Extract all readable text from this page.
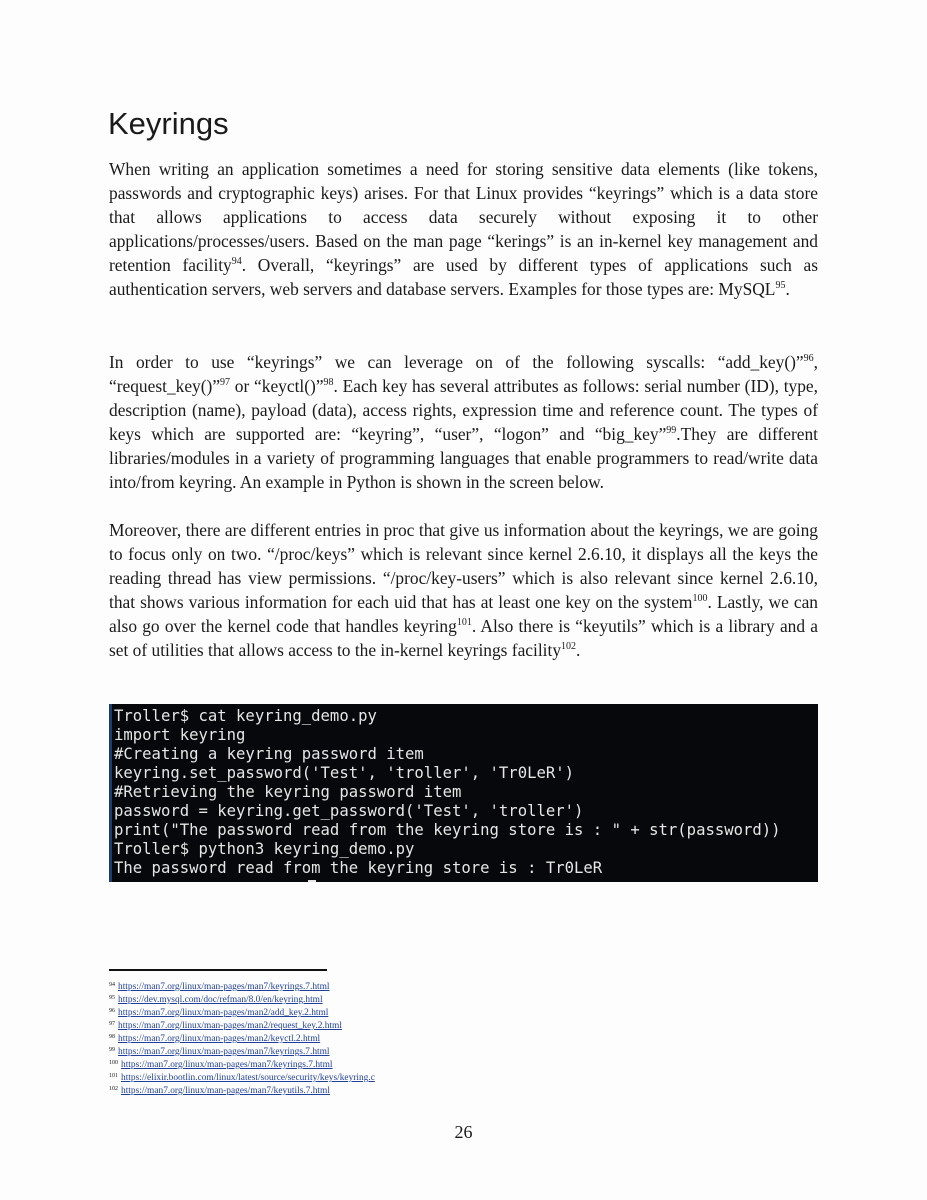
Keyrings

When writing an application sometimes a need for storing sensitive data elements (like tokens, passwords and cryptographic keys) arises. For that Linux provides “keyrings” which is a data store that allows applications to access data securely without exposing it to other applications/processes/users. Based on the man page “kerings” is an in-kernel key management and retention facility$^{94}$. Overall, “keyrings” are used by different types of applications such as authentication servers, web servers and database servers. Examples for those types are: MySQL$^{95}$.

In order to use “keyrings” we can leverage on of the following syscalls: “add_key()”$^{96}$, “request_key()”$^{97}$ or “keyctl()”$^{98}$. Each key has several attributes as follows: serial number (ID), type, description (name), payload (data), access rights, expression time and reference count. The types of keys which are supported are: “keyring”, “user”, “logon” and “big_key”$^{99}$.They are different libraries/modules in a variety of programming languages that enable programmers to read/write data into/from keyring. An example in Python is shown in the screen below.

Moreover, there are different entries in proc that give us information about the keyrings, we are going to focus only on two. “/proc/keys” which is relevant since kernel 2.6.10, it displays all the keys the reading thread has view permissions. “/proc/key-users” which is also relevant since kernel 2.6.10, that shows various information for each uid that has at least one key on the system$^{100}$. Lastly, we can also go over the kernel code that handles keyring$^{101}$. Also there is “keyutils” which is a library and a set of utilities that allows access to the in-kernel keyrings facility$^{102}$.

Troller$ cat keyring_demo.py
import keyring
#Creating a keyring password item
keyring.set_password('Test', 'troller', 'Tr0LeR')
#Retrieving the keyring password item
password = keyring.get_password('Test', 'troller')
print("The password read from the keyring store is : " + str(password))
Troller$ python3 keyring_demo.py
The password read from the keyring store is : Tr0LeR
94 https://man7.org/linux/man-pages/man7/keyrings.7.html
95 https://dev.mysql.com/doc/refman/8.0/en/keyring.html
96 https://man7.org/linux/man-pages/man2/add_key.2.html
97 https://man7.org/linux/man-pages/man2/request_key.2.html
98 https://man7.org/linux/man-pages/man2/keyctl.2.html
99 https://man7.org/linux/man-pages/man7/keyrings.7.html
100 https://man7.org/linux/man-pages/man7/keyrings.7.html
101 https://elixir.bootlin.com/linux/latest/source/security/keys/keyring.c
102 https://man7.org/linux/man-pages/man7/keyutils.7.html
26
